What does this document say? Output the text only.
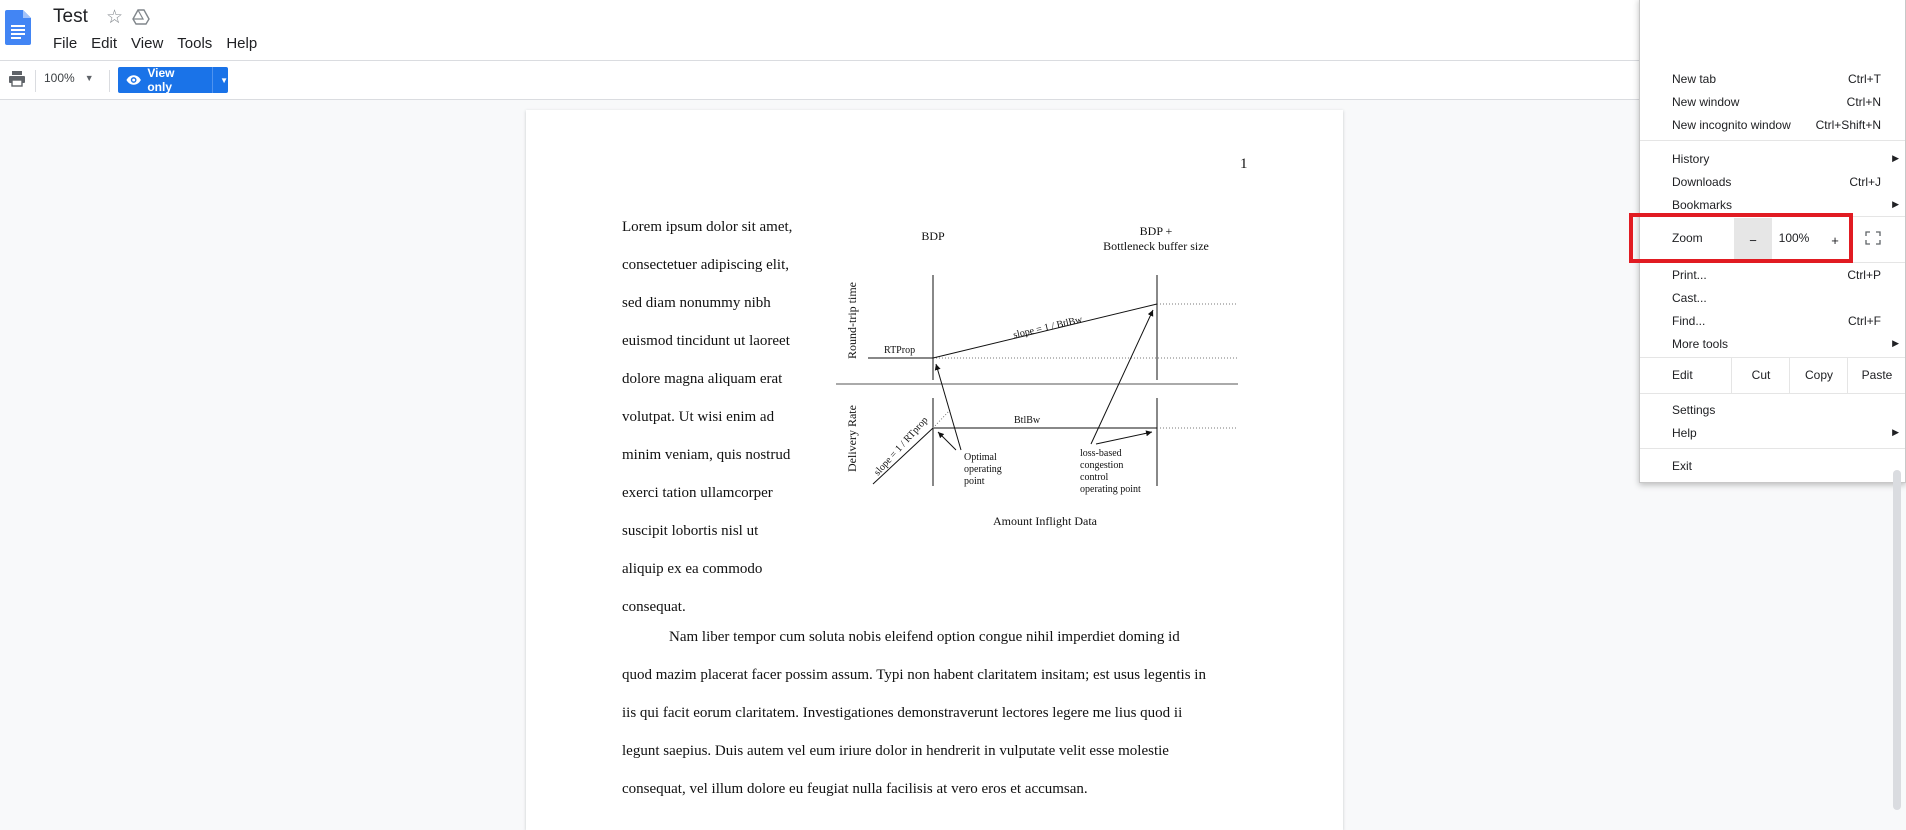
Test ☆
File Edit View Tools Help
100% ▼	View only	▼
1
Lorem ipsum dolor sit amet,
consectetuer adipiscing elit,
sed diam nonummy nibh
euismod tincidunt ut laoreet
dolore magna aliquam erat
volutpat. Ut wisi enim ad
minim veniam, quis nostrud
exerci tation ullamcorper
suscipit lobortis nisl ut
aliquip ex ea commodo
consequat.
BDP	BDP +
Bottleneck buffer size
Round-trip time	RTProp
slope = 1 / BtlBw
Delivery Rate	BtlBw
slope = 1 / RTprop	Optimal
operating
point
loss-based
congestion
control
operating point
Amount Inflight Data
Nam liber tempor cum soluta nobis eleifend option congue nihil imperdiet doming id
quod mazim placerat facer possim assum. Typi non habent claritatem insitam; est usus legentis in
iis qui facit eorum claritatem. Investigationes demonstraverunt lectores legere me lius quod ii
legunt saepius. Duis autem vel eum iriure dolor in hendrerit in vulputate velit esse molestie
consequat, vel illum dolore eu feugiat nulla facilisis at vero eros et accumsan.
New tab	Ctrl+T
New window	Ctrl+N
New incognito window Ctrl+Shift+N
History	▶
Downloads	Ctrl+J
Bookmarks	▶
Zoom	−	100%	+
Print...	Ctrl+P
Cast...
Find...	Ctrl+F
More tools	▶
Edit	Cut	Copy	Paste
Settings
Help	▶
Exit
